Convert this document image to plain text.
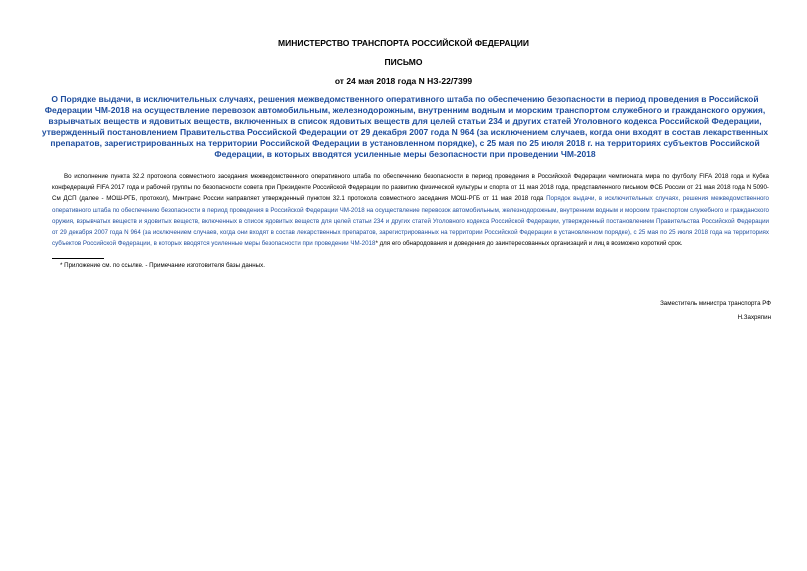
МИНИСТЕРСТВО ТРАНСПОРТА РОССИЙСКОЙ ФЕДЕРАЦИИ
ПИСЬМО
от 24 мая 2018 года N НЗ-22/7399
О Порядке выдачи, в исключительных случаях, решения межведомственного оперативного штаба по обеспечению безопасности в период проведения в Российской Федерации ЧМ-2018 на осуществление перевозок автомобильным, железнодорожным, внутренним водным и морским транспортом служебного и гражданского оружия, взрывчатых веществ и ядовитых веществ, включенных в список ядовитых веществ для целей статьи 234 и других статей Уголовного кодекса Российской Федерации, утвержденный постановлением Правительства Российской Федерации от 29 декабря 2007 года N 964 (за исключением случаев, когда они входят в состав лекарственных препаратов, зарегистрированных на территории Российской Федерации в установленном порядке), с 25 мая по 25 июля 2018 г. на территориях субъектов Российской Федерации, в которых вводятся усиленные меры безопасности при проведении ЧМ-2018
Во исполнение пункта 32.2 протокола совместного заседания межведомственного оперативного штаба по обеспечению безопасности в период проведения в Российской Федерации чемпионата мира по футболу FIFA 2018 года и Кубка конфедераций FIFA 2017 года и рабочей группы по безопасности совета при Президенте Российской Федерации по развитию физической культуры и спорта от 11 мая 2018 года, представленного письмом ФСБ России от 21 мая 2018 года N 5090-См ДСП (далее - МОШ-РГБ, протокол), Минтранс России направляет утвержденный пунктом 32.1 протокола совместного заседания МОШ-РГБ от 11 мая 2018 года Порядок выдачи, в исключительных случаях, решения межведомственного оперативного штаба по обеспечению безопасности в период проведения в Российской Федерации ЧМ-2018 на осуществление перевозок автомобильным, железнодорожным, внутренним водным и морским транспортом служебного и гражданского оружия, взрывчатых веществ и ядовитых веществ, включенных в список ядовитых веществ для целей статьи 234 и других статей Уголовного кодекса Российской Федерации, утвержденный постановлением Правительства Российской Федерации от 29 декабря 2007 года N 964 (за исключением случаев, когда они входят в состав лекарственных препаратов, зарегистрированных на территории Российской Федерации в установленном порядке), с 25 мая по 25 июля 2018 года на территориях субъектов Российской Федерации, в которых вводятся усиленные меры безопасности при проведении ЧМ-2018* для его обнародования и доведения до заинтересованных организаций и лиц в возможно короткий срок.
* Приложение см. по ссылке. - Примечание изготовителя базы данных.
Заместитель министра транспорта РФ
Н.Захряпин
